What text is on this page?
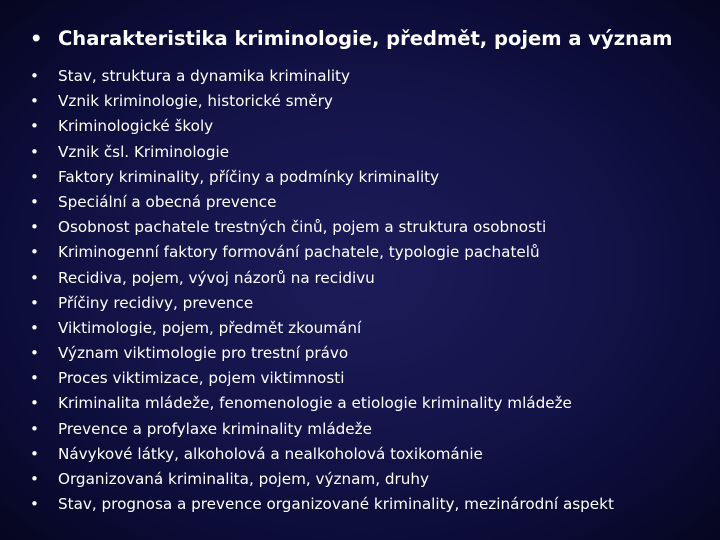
• Charakteristika kriminologie, předmět, pojem a význam
• Stav, struktura a dynamika kriminality
• Vznik kriminologie, historické směry
• Kriminologické školy
• Vznik čsl. Kriminologie
• Faktory kriminality, příčiny a podmínky kriminality
• Speciální a obecná prevence
• Osobnost pachatele trestných činů, pojem a struktura osobnosti
• Kriminogenní faktory formování pachatele, typologie pachatelů
• Recidiva, pojem, vývoj názorů na recidivu
• Příčiny recidivy, prevence
• Viktimologie, pojem, předmět zkoumání
• Význam viktimologie pro trestní právo
• Proces viktimizace, pojem viktimnosti
• Kriminalita mládeže, fenomenologie a etiologie kriminality mládeže
• Prevence a profylaxe kriminality mládeže
• Návykové látky, alkoholová a nealkoholová toxikománie
• Organizovaná kriminalita, pojem, význam, druhy
• Stav, prognosa a prevence organizované kriminality, mezinárodní aspekt
